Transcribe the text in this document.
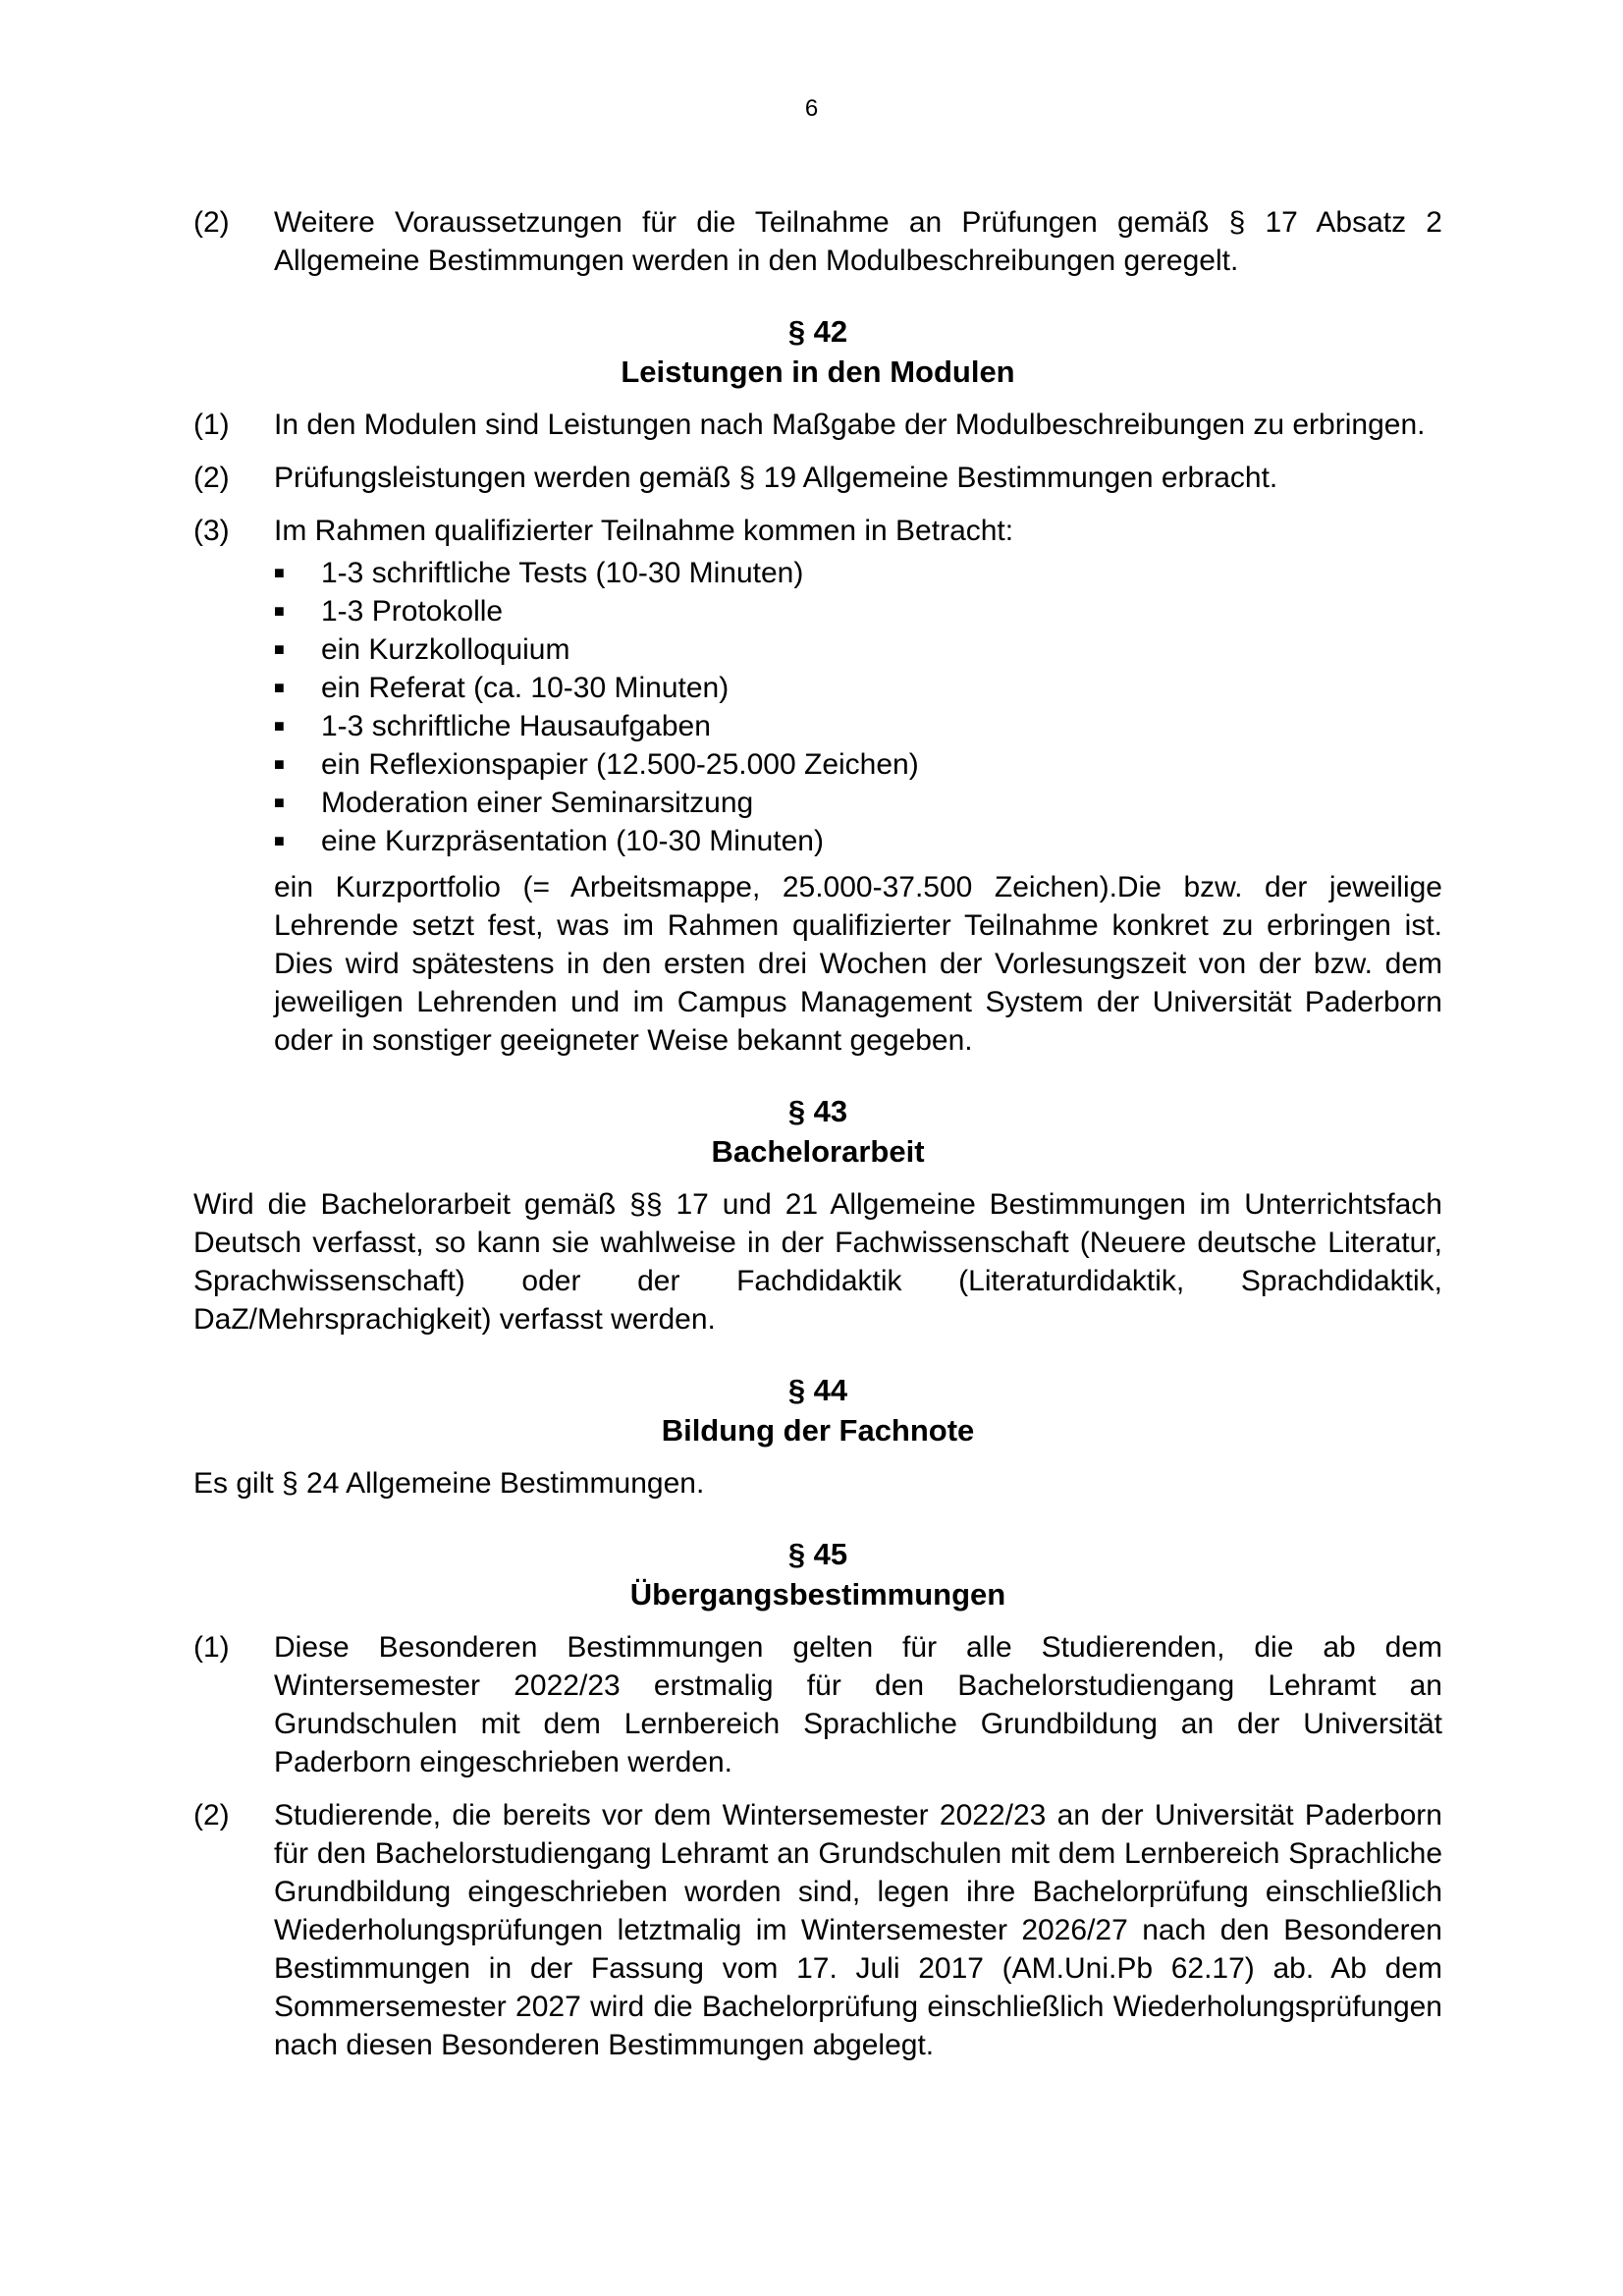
6
(2)	Weitere Voraussetzungen für die Teilnahme an Prüfungen gemäß § 17 Absatz 2 Allgemeine Bestimmungen werden in den Modulbeschreibungen geregelt.
§ 42
Leistungen in den Modulen
(1)	In den Modulen sind Leistungen nach Maßgabe der Modulbeschreibungen zu erbringen.
(2)	Prüfungsleistungen werden gemäß § 19 Allgemeine Bestimmungen erbracht.
(3)	Im Rahmen qualifizierter Teilnahme kommen in Betracht:
■	1-3 schriftliche Tests (10-30 Minuten)
■	1-3 Protokolle
■	ein Kurzkolloquium
■	ein Referat (ca. 10-30 Minuten)
■	1-3 schriftliche Hausaufgaben
■	ein Reflexionspapier (12.500-25.000 Zeichen)
■	Moderation einer Seminarsitzung
■	eine Kurzpräsentation (10-30 Minuten)
ein Kurzportfolio (= Arbeitsmappe, 25.000-37.500 Zeichen).Die bzw. der jeweilige Lehrende setzt fest, was im Rahmen qualifizierter Teilnahme konkret zu erbringen ist. Dies wird spätestens in den ersten drei Wochen der Vorlesungszeit von der bzw. dem jeweiligen Lehrenden und im Campus Management System der Universität Paderborn oder in sonstiger geeigneter Weise bekannt gegeben.
§ 43
Bachelorarbeit
Wird die Bachelorarbeit gemäß §§ 17 und 21 Allgemeine Bestimmungen im Unterrichtsfach Deutsch verfasst, so kann sie wahlweise in der Fachwissenschaft (Neuere deutsche Literatur, Sprachwissenschaft) oder der Fachdidaktik (Literaturdidaktik, Sprachdidaktik, DaZ/Mehrsprachigkeit) verfasst werden.
§ 44
Bildung der Fachnote
Es gilt § 24 Allgemeine Bestimmungen.
§ 45
Übergangsbestimmungen
(1)	Diese Besonderen Bestimmungen gelten für alle Studierenden, die ab dem Wintersemester 2022/23 erstmalig für den Bachelorstudiengang Lehramt an Grundschulen mit dem Lernbereich Sprachliche Grundbildung an der Universität Paderborn eingeschrieben werden.
(2)	Studierende, die bereits vor dem Wintersemester 2022/23 an der Universität Paderborn für den Bachelorstudiengang Lehramt an Grundschulen mit dem Lernbereich Sprachliche Grundbildung eingeschrieben worden sind, legen ihre Bachelorprüfung einschließlich Wiederholungsprüfungen letztmalig im Wintersemester 2026/27 nach den Besonderen Bestimmungen in der Fassung vom 17. Juli 2017 (AM.Uni.Pb 62.17) ab. Ab dem Sommersemester 2027 wird die Bachelorprüfung einschließlich Wiederholungsprüfungen nach diesen Besonderen Bestimmungen abgelegt.
